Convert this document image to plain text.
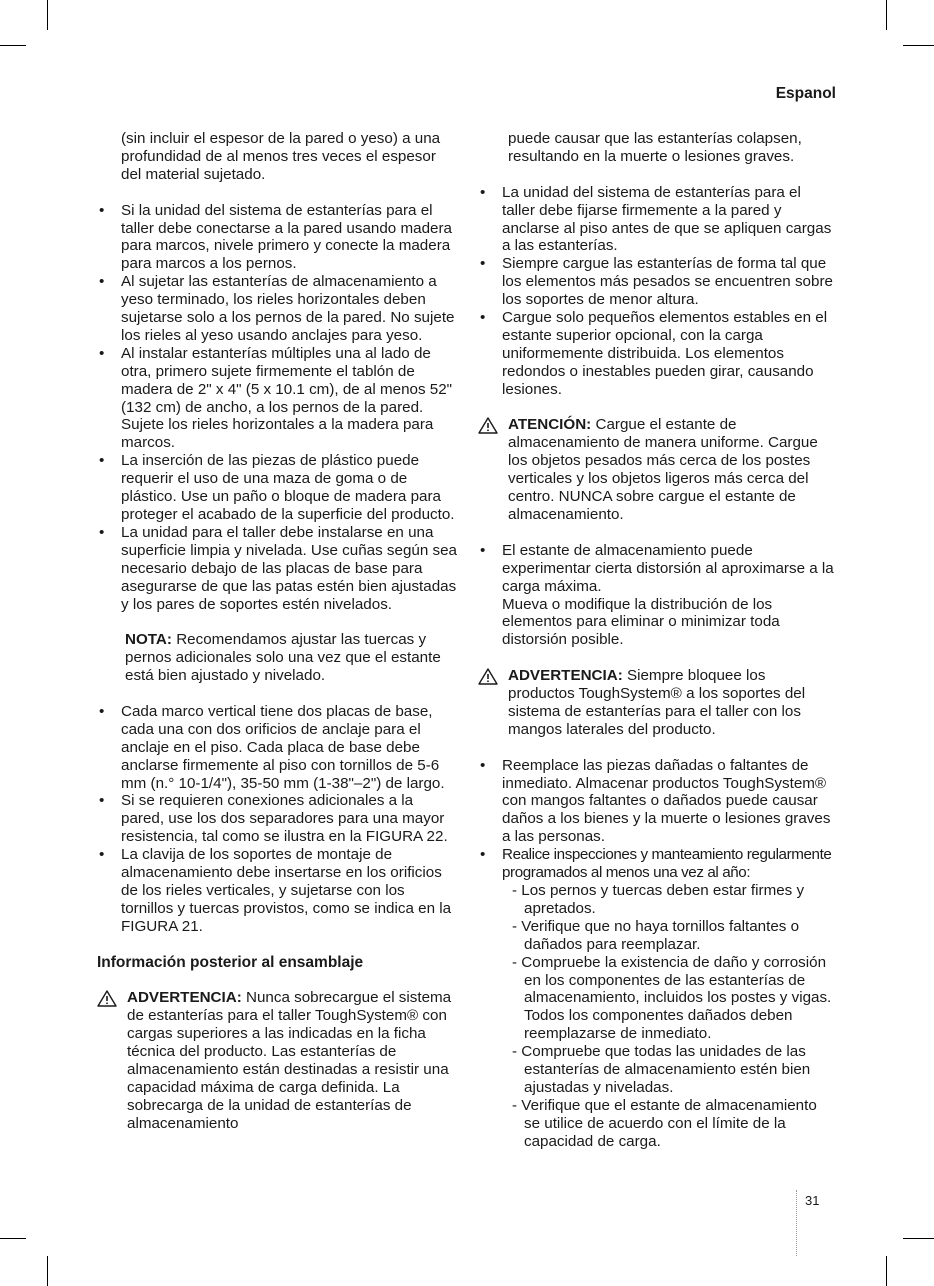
Espanol
(sin incluir el espesor de la pared o yeso) a una profundidad de al menos tres veces el espesor del material sujetado.
• Si la unidad del sistema de estanterías para el taller debe conectarse a la pared usando madera para marcos, nivele primero y conecte la madera para marcos a los pernos.
• Al sujetar las estanterías de almacenamiento a yeso terminado, los rieles horizontales deben sujetarse solo a los pernos de la pared. No sujete los rieles al yeso usando anclajes para yeso.
• Al instalar estanterías múltiples una al lado de otra, primero sujete firmemente el tablón de madera de 2" x 4" (5 x 10.1 cm), de al menos 52" (132 cm) de ancho, a los pernos de la pared. Sujete los rieles horizontales a la madera para marcos.
• La inserción de las piezas de plástico puede requerir el uso de una maza de goma o de plástico. Use un paño o bloque de madera para proteger el acabado de la superficie del producto.
• La unidad para el taller debe instalarse en una superficie limpia y nivelada. Use cuñas según sea necesario debajo de las placas de base para asegurarse de que las patas estén bien ajustadas y los pares de soportes estén nivelados.
NOTA: Recomendamos ajustar las tuercas y pernos adicionales solo una vez que el estante está bien ajustado y nivelado.
• Cada marco vertical tiene dos placas de base, cada una con dos orificios de anclaje para el anclaje en el piso. Cada placa de base debe anclarse firmemente al piso con tornillos de 5-6 mm (n.° 10-1/4"), 35-50 mm (1-38"–2") de largo.
• Si se requieren conexiones adicionales a la pared, use los dos separadores para una mayor resistencia, tal como se ilustra en la FIGURA 22.
• La clavija de los soportes de montaje de almacenamiento debe insertarse en los orificios de los rieles verticales, y sujetarse con los tornillos y tuercas provistos, como se indica en la FIGURA 21.
Información posterior al ensamblaje
ADVERTENCIA: Nunca sobrecargue el sistema de estanterías para el taller ToughSystem® con cargas superiores a las indicadas en la ficha técnica del producto. Las estanterías de almacenamiento están destinadas a resistir una capacidad máxima de carga definida. La sobrecarga de la unidad de estanterías de almacenamiento
puede causar que las estanterías colapsen, resultando en la muerte o lesiones graves.
• La unidad del sistema de estanterías para el taller debe fijarse firmemente a la pared y anclarse al piso antes de que se apliquen cargas a las estanterías.
• Siempre cargue las estanterías de forma tal que los elementos más pesados se encuentren sobre los soportes de menor altura.
• Cargue solo pequeños elementos estables en el estante superior opcional, con la carga uniformemente distribuida. Los elementos redondos o inestables pueden girar, causando lesiones.
ATENCIÓN: Cargue el estante de almacenamiento de manera uniforme. Cargue los objetos pesados más cerca de los postes verticales y los objetos ligeros más cerca del centro. NUNCA sobre cargue el estante de almacenamiento.
• El estante de almacenamiento puede experimentar cierta distorsión al aproximarse a la carga máxima.
Mueva o modifique la distribución de los elementos para eliminar o minimizar toda distorsión posible.
ADVERTENCIA: Siempre bloquee los productos ToughSystem® a los soportes del sistema de estanterías para el taller con los mangos laterales del producto.
• Reemplace las piezas dañadas o faltantes de inmediato. Almacenar productos ToughSystem® con mangos faltantes o dañados puede causar daños a los bienes y la muerte o lesiones graves a las personas.
• Realice inspecciones y manteamiento regularmente programados al menos una vez al año:
- Los pernos y tuercas deben estar firmes y apretados.
- Verifique que no haya tornillos faltantes o dañados para reemplazar.
- Compruebe la existencia de daño y corrosión en los componentes de las estanterías de almacenamiento, incluidos los postes y vigas. Todos los componentes dañados deben reemplazarse de inmediato.
- Compruebe que todas las unidades de las estanterías de almacenamiento estén bien ajustadas y niveladas.
- Verifique que el estante de almacenamiento se utilice de acuerdo con el límite de la capacidad de carga.
31
